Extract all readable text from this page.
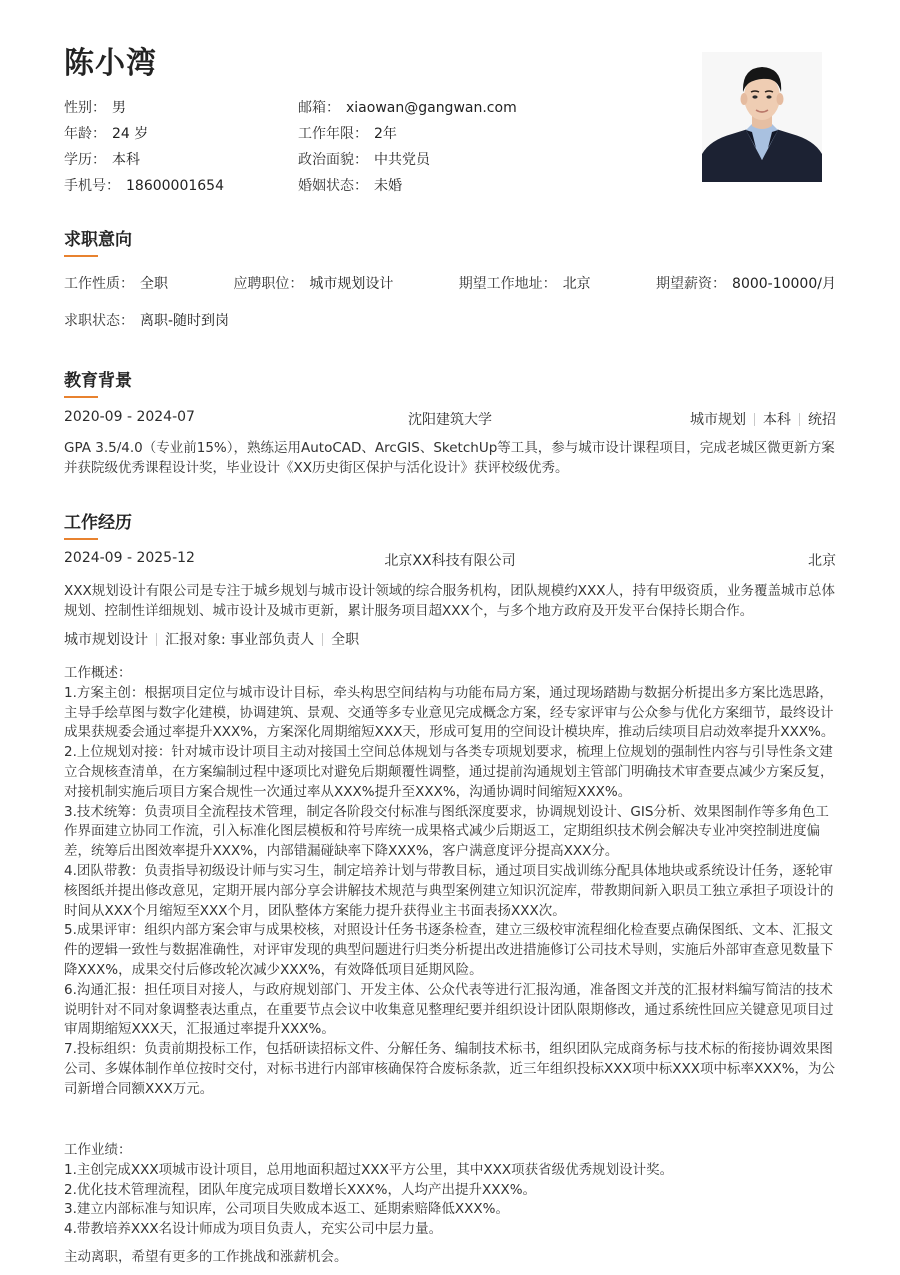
陈小湾
性别： 男	邮箱： xiaowan@gangwan.com
年龄： 24 岁	工作年限： 2年
学历： 本科	政治面貌： 中共党员
手机号： 18600001654	婚姻状态： 未婚
求职意向
工作性质： 全职	应聘职位： 城市规划设计	期望工作地址： 北京	期望薪资： 8000-10000/月
求职状态： 离职-随时到岗
教育背景
2020-09 - 2024-07	沈阳建筑大学	城市规划 本科 统招

GPA 3.5/4.0（专业前15%），熟练运用AutoCAD、ArcGIS、SketchUp等工具，参与城市设计课程项目，完成老城区微更新方案并获院级优秀课程设计奖，毕业设计《XX历史街区保护与活化设计》获评校级优秀。

工作经历
2024-09 - 2025-12	北京XX科技有限公司	北京

XXX规划设计有限公司是专注于城乡规划与城市设计领域的综合服务机构，团队规模约XXX人，持有甲级资质，业务覆盖城市总体规划、控制性详细规划、城市设计及城市更新，累计服务项目超XXX个，与多个地方政府及开发平台保持长期合作。

城市规划设计 汇报对象: 事业部负责人 全职
工作概述：
1.方案主创：根据项目定位与城市设计目标，牵头构思空间结构与功能布局方案，通过现场踏勘与数据分析提出多方案比选思路，主导手绘草图与数字化建模，协调建筑、景观、交通等多专业意见完成概念方案，经专家评审与公众参与优化方案细节，最终设计成果获规委会通过率提升XXX%，方案深化周期缩短XXX天，形成可复用的空间设计模块库，推动后续项目启动效率提升XXX%。
2.上位规划对接：针对城市设计项目主动对接国土空间总体规划与各类专项规划要求，梳理上位规划的强制性内容与引导性条文建立合规核查清单，在方案编制过程中逐项比对避免后期颠覆性调整，通过提前沟通规划主管部门明确技术审查要点减少方案反复，对接机制实施后项目方案合规性一次通过率从XXX%提升至XXX%，沟通协调时间缩短XXX%。
3.技术统筹：负责项目全流程技术管理，制定各阶段交付标准与图纸深度要求，协调规划设计、GIS分析、效果图制作等多角色工作界面建立协同工作流，引入标准化图层模板和符号库统一成果格式减少后期返工，定期组织技术例会解决专业冲突控制进度偏差，统筹后出图效率提升XXX%，内部错漏碰缺率下降XXX%，客户满意度评分提高XXX分。
4.团队带教：负责指导初级设计师与实习生，制定培养计划与带教目标，通过项目实战训练分配具体地块或系统设计任务，逐轮审核图纸并提出修改意见，定期开展内部分享会讲解技术规范与典型案例建立知识沉淀库，带教期间新入职员工独立承担子项设计的时间从XXX个月缩短至XXX个月，团队整体方案能力提升获得业主书面表扬XXX次。
5.成果评审：组织内部方案会审与成果校核，对照设计任务书逐条检查，建立三级校审流程细化检查要点确保图纸、文本、汇报文件的逻辑一致性与数据准确性，对评审发现的典型问题进行归类分析提出改进措施修订公司技术导则，实施后外部审查意见数量下降XXX%，成果交付后修改轮次减少XXX%，有效降低项目延期风险。
6.沟通汇报：担任项目对接人，与政府规划部门、开发主体、公众代表等进行汇报沟通，准备图文并茂的汇报材料编写简洁的技术说明针对不同对象调整表达重点，在重要节点会议中收集意见整理纪要并组织设计团队限期修改，通过系统性回应关键意见项目过审周期缩短XXX天，汇报通过率提升XXX%。
7.投标组织：负责前期投标工作，包括研读招标文件、分解任务、编制技术标书，组织团队完成商务标与技术标的衔接协调效果图公司、多媒体制作单位按时交付，对标书进行内部审核确保符合废标条款，近三年组织投标XXX项中标XXX项中标率XXX%，为公司新增合同额XXX万元。
工作业绩：
1.主创完成XXX项城市设计项目，总用地面积超过XXX平方公里，其中XXX项获省级优秀规划设计奖。
2.优化技术管理流程，团队年度完成项目数增长XXX%，人均产出提升XXX%。
3.建立内部标准与知识库，公司项目失败成本返工、延期索赔降低XXX%。
4.带教培养XXX名设计师成为项目负责人，充实公司中层力量。

主动离职，希望有更多的工作挑战和涨薪机会。
